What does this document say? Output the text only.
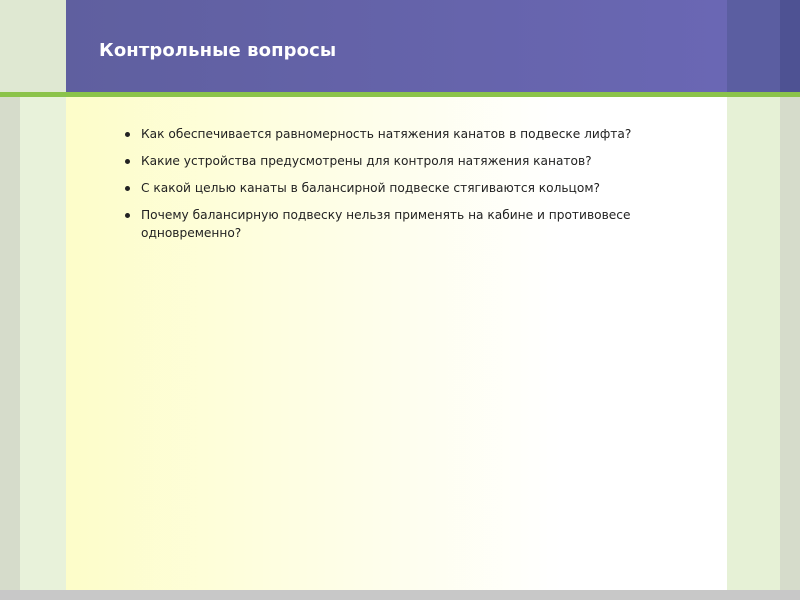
Контрольные вопросы
Как обеспечивается равномерность натяжения канатов в подвеске лифта?
Какие устройства предусмотрены для контроля натяжения канатов?
С какой целью канаты в балансирной подвеске стягиваются кольцом?
Почему балансирную подвеску нельзя применять на кабине и противовесе одновременно?
